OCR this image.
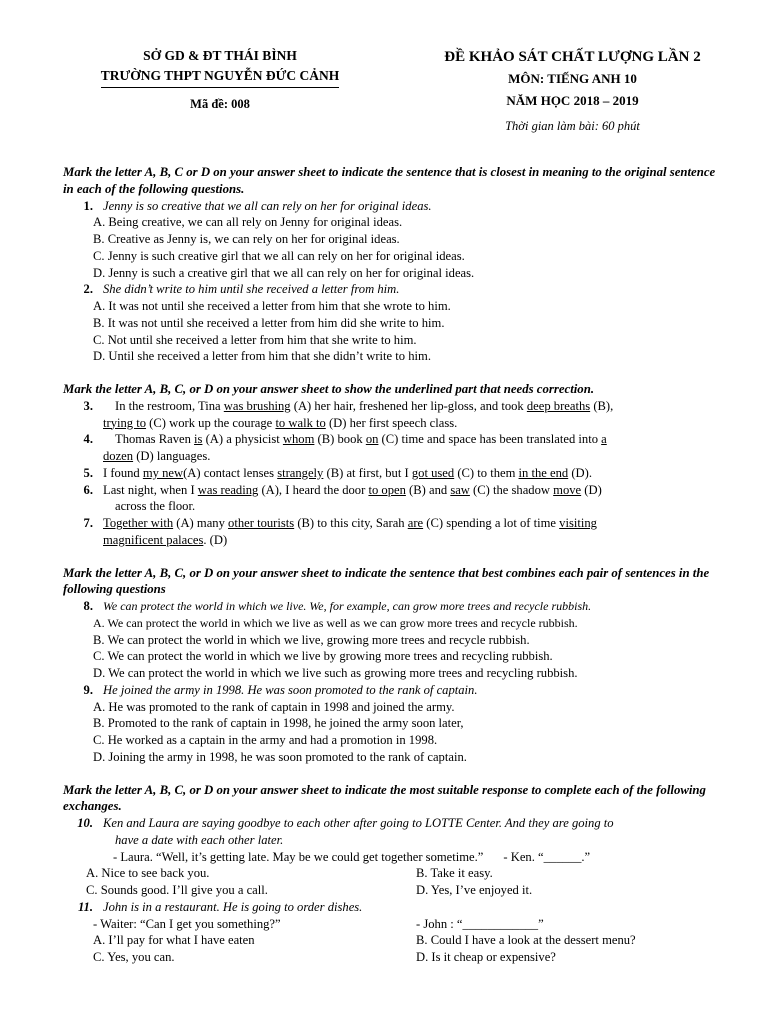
SỞ GD & ĐT THÁI BÌNH
TRƯỜNG THPT NGUYỄN ĐỨC CẢNH
Mã đề: 008
ĐỀ KHẢO SÁT CHẤT LƯỢNG LẦN 2
MÔN: TIẾNG ANH 10
NĂM HỌC 2018 – 2019
Thời gian làm bài: 60 phút
Mark the letter A, B, C or D on your answer sheet to indicate the sentence that is closest in meaning to the original sentence in each of the following questions.
1. Jenny is so creative that we all can rely on her for original ideas.
A. Being creative, we can all rely on Jenny for original ideas.
B. Creative as Jenny is, we can rely on her for original ideas.
C. Jenny is such creative girl that we all can rely on her for original ideas.
D. Jenny is such a creative girl that we all can rely on her for original ideas.
2. She didn’t write to him until she received a letter from him.
A. It was not until she received a letter from him that she wrote to him.
B. It was not until she received a letter from him did she write to him.
C. Not until she received a letter from him that she write to him.
D. Until she received a letter from him that she didn’t write to him.
Mark the letter A, B, C, or D on your answer sheet to show the underlined part that needs correction.
3.	In the restroom, Tina was brushing (A) her hair, freshened her lip-gloss, and took deep breaths (B),
trying to (C) work up the courage to walk to (D) her first speech class.
4.	Thomas Raven is (A) a physicist whom (B) book on (C) time and space has been translated into a
dozen (D) languages.
5. I found my new(A) contact lenses strangely (B) at first, but I got used (C) to them in the end (D).
6. Last night, when I was reading (A), I heard the door to open (B) and saw (C) the shadow move (D)
across the floor.
7. Together with (A) many other tourists (B) to this city, Sarah are (C) spending a lot of time visiting
magnificent palaces. (D)
Mark the letter A, B, C, or D on your answer sheet to indicate the sentence that best combines each pair of sentences in the following questions
8. We can protect the world in which we live. We, for example, can grow more trees and recycle rubbish.
A. We can protect the world in which we live as well as we can grow more trees and recycle rubbish.
B. We can protect the world in which we live, growing more trees and recycle rubbish.
C. We can protect the world in which we live by growing more trees and recycling rubbish.
D. We can protect the world in which we live such as growing more trees and recycling rubbish.
9. He joined the army in 1998. He was soon promoted to the rank of captain.
A. He was promoted to the rank of captain in 1998 and joined the army.
B. Promoted to the rank of captain in 1998, he joined the army soon later,
C. He worked as a captain in the army and had a promotion in 1998.
D. Joining the army in 1998, he was soon promoted to the rank of captain.
Mark the letter A, B, C, or D on your answer sheet to indicate the most suitable response to complete each of the following exchanges.
10. Ken and Laura are saying goodbye to each other after going to LOTTE Center. And they are going to
have a date with each other later.
- Laura. “Well, it’s getting late. May be we could get together sometime.” - Ken. “______.”
A. Nice to see back you.	B. Take it easy.
C. Sounds good. I’ll give you a call.	D. Yes, I’ve enjoyed it.
11. John is in a restaurant. He is going to order dishes.
- Waiter: “Can I get you something?”	- John : “____________”
A. I’ll pay for what I have eaten	B. Could I have a look at the dessert menu?
C. Yes, you can.	D. Is it cheap or expensive?
